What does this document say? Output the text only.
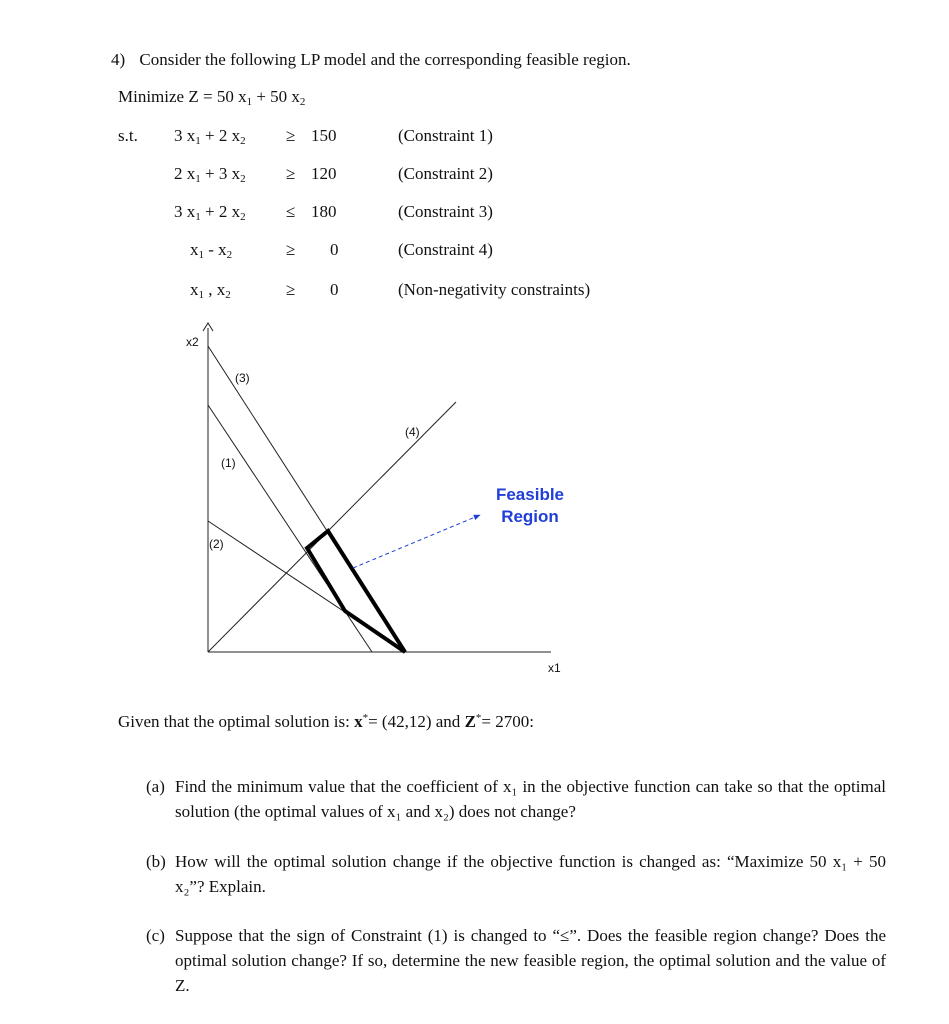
4) Consider the following LP model and the corresponding feasible region.
Minimize Z = 50 $x_1 + 50$ $x_2$
s.t. 3 $x_1 + 2$ $x_2 \ge 150$	(Constraint 1)
2 $x_1 + 3$ $x_2 \ge 120$	(Constraint 2)
3 $x_1 + 2$ $x_2 \le 180$	(Constraint 3)
$x_1 - x_2$	≥ 0	(Constraint 4)
$x_1$ , $x_2$	≥ 0	(Non-negativity constraints)
x2
x1
(3)
(1)
(2)
(4)
Feasible
Region
Given that the optimal solution is: x*= (42,12) and Z*= 2700:
(a) Find the minimum value that the coefficient of x₁ in the objective function can take so that the optimal solution (the optimal values of x₁ and x₂) does not change?
(b) How will the optimal solution change if the objective function is changed as: “Maximize 50 x₁ + 50 x₂”? Explain.
(c) Suppose that the sign of Constraint (1) is changed to “≤”. Does the feasible region change? Does the optimal solution change? If so, determine the new feasible region, the optimal solution and the value of Z.
